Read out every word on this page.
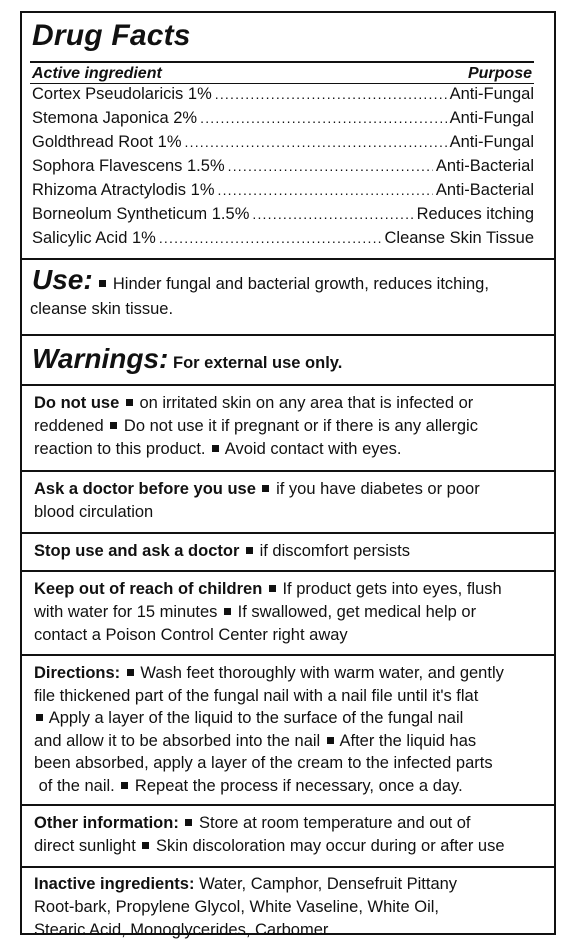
Drug Facts
Active ingredient	Purpose
Cortex Pseudolaricis 1% .....	Anti-Fungal
Stemona Japonica 2% .....	Anti-Fungal
Goldthread Root 1% .....	Anti-Fungal
Sophora Flavescens 1.5% .....	Anti-Bacterial
Rhizoma Atractylodis 1% .....	Anti-Bacterial
Borneolum Syntheticum 1.5% .....	Reduces itching
Salicylic Acid 1% .....	Cleanse Skin Tissue

Use: Hinder fungal and bacterial growth, reduces itching,

cleanse skin tissue.

Warnings: For external use only.

Do not use on irritated skin on any area that is infected or
reddened Do not use it if pregnant or if there is any allergic
reaction to this product. Avoid contact with eyes.

Ask a doctor before you use if you have diabetes or poor
blood circulation

Stop use and ask a doctor if discomfort persists

Keep out of reach of children If product gets into eyes, flush
with water for 15 minutes If swallowed, get medical help or
contact a Poison Control Center right away

Directions: Wash feet thoroughly with warm water, and gently
file thickened part of the fungal nail with a nail file until it's flat
Apply a layer of the liquid to the surface of the fungal nail
and allow it to be absorbed into the nail After the liquid has
been absorbed, apply a layer of the cream to the infected parts
of the nail. Repeat the process if necessary, once a day.

Other information: Store at room temperature and out of
direct sunlight Skin discoloration may occur during or after use

Inactive ingredients: Water, Camphor, Densefruit Pittany
Root-bark, Propylene Glycol, White Vaseline, White Oil,
Stearic Acid, Monoglycerides, Carbomer
